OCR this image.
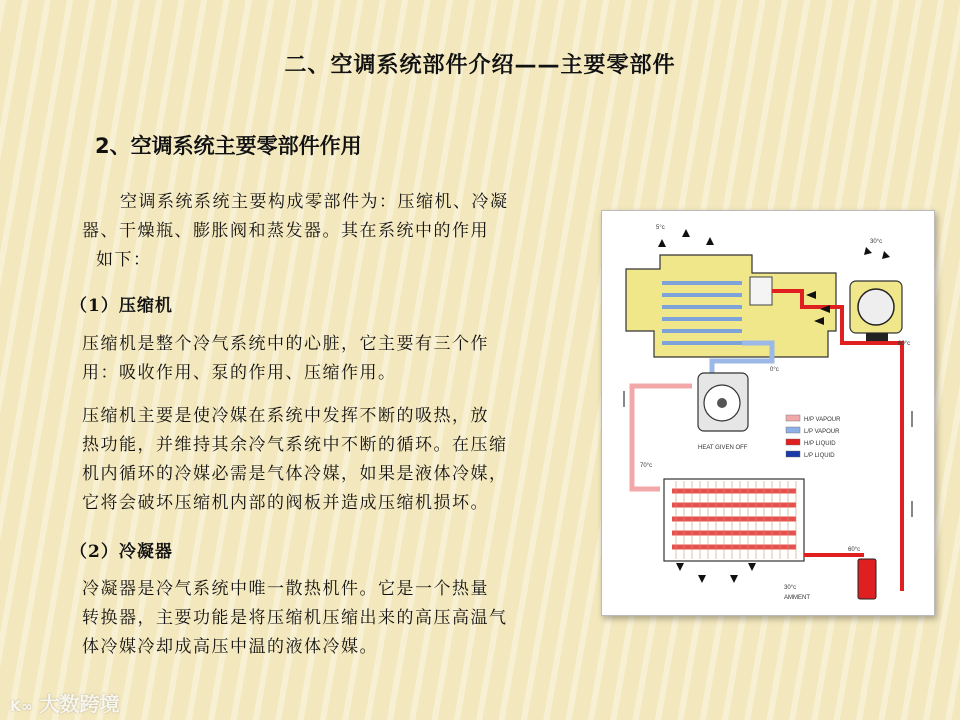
二、空调系统部件介绍——主要零部件
2、空调系统主要零部件作用
空调系统系统主要构成零部件为：压缩机、冷凝
器、干燥瓶、膨胀阀和蒸发器。其在系统中的作用
如下：
（1）压缩机
压缩机是整个冷气系统中的心脏，它主要有三个作
用：吸收作用、泵的作用、压缩作用。
压缩机主要是使冷媒在系统中发挥不断的吸热，放
热功能，并维持其余冷气系统中不断的循环。在压缩
机内循环的冷媒必需是气体冷媒，如果是液体冷媒，
它将会破坏压缩机内部的阀板并造成压缩机损坏。
（2）冷凝器
冷凝器是冷气系统中唯一散热机件。它是一个热量
转换器，主要功能是将压缩机压缩出来的高压高温气
体冷媒冷却成高压中温的液体冷媒。
H/P VAPOUR
L/P VAPOUR
H/P LIQUID
L/P LIQUID
HEAT GIVEN OFF
AMMENT
5°c
30°c
60°c
0°c
70°c
60°c
30°c
K∞ 大数跨境
